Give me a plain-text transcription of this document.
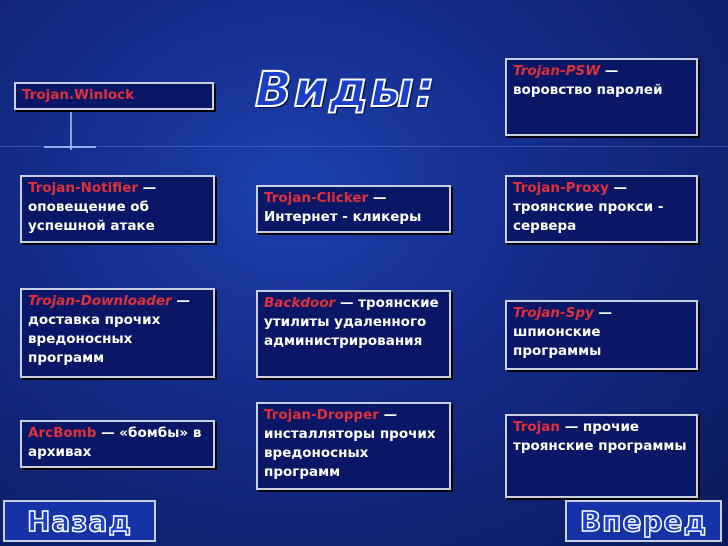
Виды:
Trojan.Winlock
Trojan-PSW — воровство паролей
Trojan-Notifier — оповещение об успешной атаке
Trojan-Clicker — Интернет - кликеры
Trojan-Proxy — троянские прокси - сервера
Trojan-Downloader — доставка прочих вредоносных программ
Backdoor — троянские утилиты удаленного администрирования
Trojan-Spy — шпионские программы
ArcBomb — «бомбы» в архивах
Trojan-Dropper — инсталляторы прочих вредоносных программ
Trojan — прочие троянские программы
Назад	Вперед
